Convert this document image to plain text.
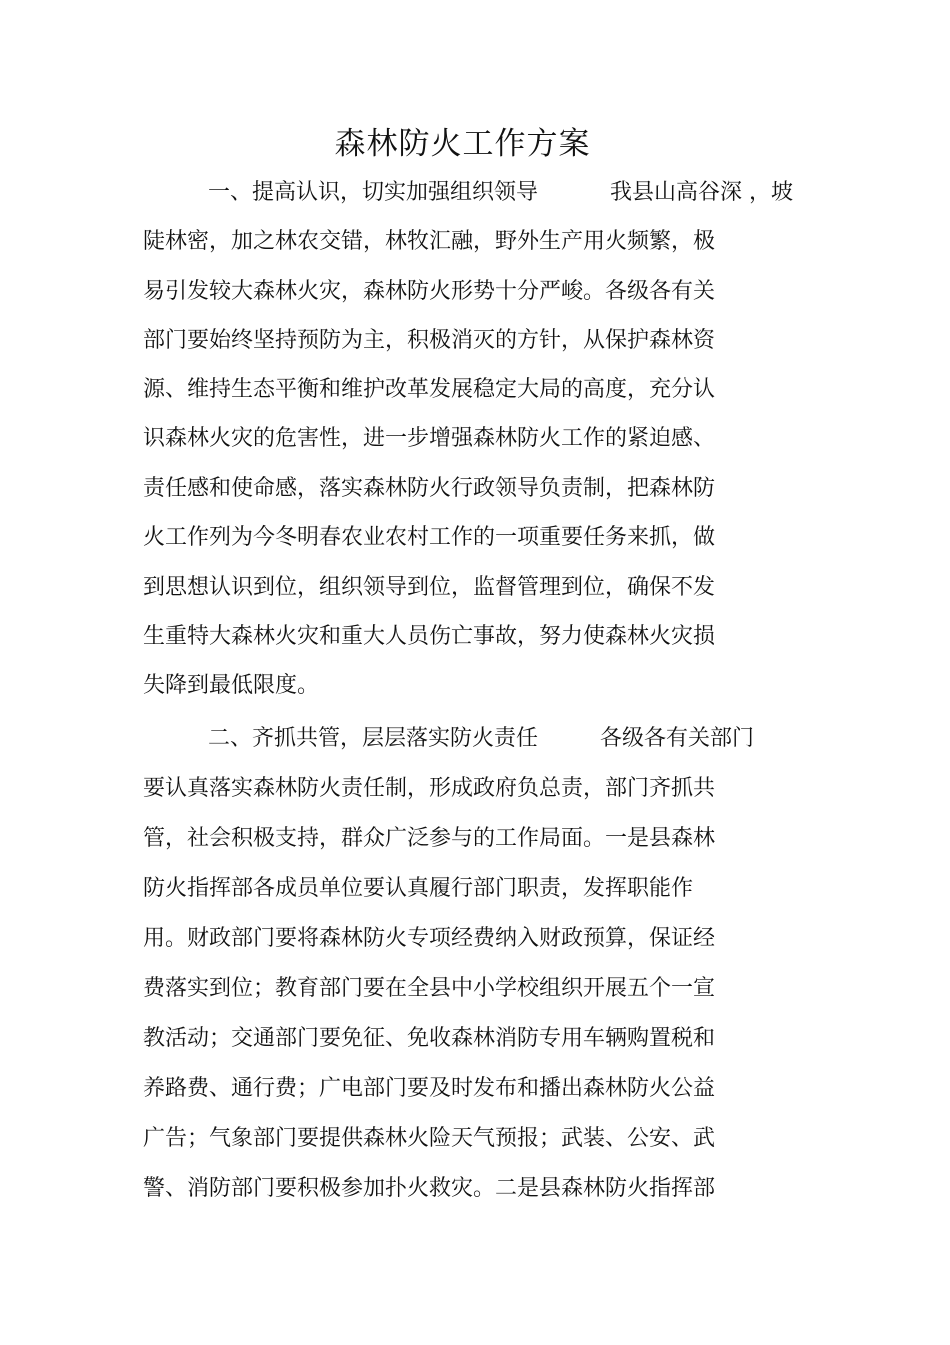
森林防火工作方案
一、提高认识，切实加强组织领导	我县山高谷深 ，坡
陡林密，加之林农交错，林牧汇融，野外生产用火频繁，极
易引发较大森林火灾，森林防火形势十分严峻。各级各有关
部门要始终坚持预防为主，积极消灭的方针，从保护森林资
源、维持生态平衡和维护改革发展稳定大局的高度，充分认
识森林火灾的危害性，进一步增强森林防火工作的紧迫感、
责任感和使命感，落实森林防火行政领导负责制，把森林防
火工作列为今冬明春农业农村工作的一项重要任务来抓，做
到思想认识到位，组织领导到位，监督管理到位，确保不发
生重特大森林火灾和重大人员伤亡事故，努力使森林火灾损
失降到最低限度。
二、齐抓共管，层层落实防火责任	各级各有关部门
要认真落实森林防火责任制，形成政府负总责，部门齐抓共
管，社会积极支持，群众广泛参与的工作局面。一是县森林
防火指挥部各成员单位要认真履行部门职责，发挥职能作
用。财政部门要将森林防火专项经费纳入财政预算，保证经
费落实到位；教育部门要在全县中小学校组织开展五个一宣
教活动；交通部门要免征、免收森林消防专用车辆购置税和
养路费、通行费；广电部门要及时发布和播出森林防火公益
广告；气象部门要提供森林火险天气预报；武装、公安、武
警、消防部门要积极参加扑火救灾。二是县森林防火指挥部
